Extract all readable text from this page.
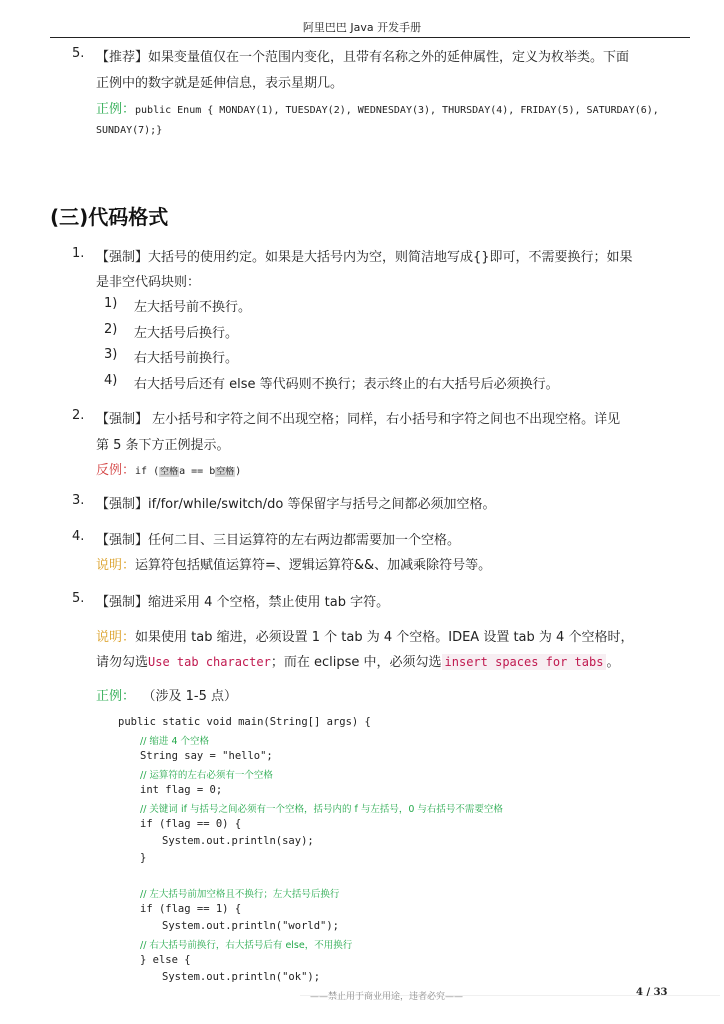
阿里巴巴 Java 开发手册
5. 【推荐】如果变量值仅在一个范围内变化，且带有名称之外的延伸属性，定义为枚举类。下面
正例中的数字就是延伸信息，表示星期几。
正例：public Enum { MONDAY(1), TUESDAY(2), WEDNESDAY(3), THURSDAY(4), FRIDAY(5), SATURDAY(6),
SUNDAY(7);}
(三)代码格式
1. 【强制】大括号的使用约定。如果是大括号内为空，则简洁地写成{}即可，不需要换行；如果
是非空代码块则：
1) 左大括号前不换行。
2) 左大括号后换行。
3) 右大括号前换行。
4) 右大括号后还有 else 等代码则不换行；表示终止的右大括号后必须换行。
2. 【强制】 左小括号和字符之间不出现空格；同样，右小括号和字符之间也不出现空格。详见
第 5 条下方正例提示。
反例：if (空格a == b空格)
3. 【强制】if/for/while/switch/do 等保留字与括号之间都必须加空格。
4. 【强制】任何二目、三目运算符的左右两边都需要加一个空格。
说明：运算符包括赋值运算符=、逻辑运算符&&、加减乘除符号等。
5. 【强制】缩进采用 4 个空格，禁止使用 tab 字符。
说明：如果使用 tab 缩进，必须设置 1 个 tab 为 4 个空格。IDEA 设置 tab 为 4 个空格时，
请勿勾选Use tab character；而在 eclipse 中，必须勾选 insert spaces for tabs 。
正例： （涉及 1-5 点）
public static void main(String[] args) {
// 缩进 4 个空格
String say = "hello";
// 运算符的左右必须有一个空格
int flag = 0;
// 关键词 if 与括号之间必须有一个空格，括号内的 f 与左括号，0 与右括号不需要空格
if (flag == 0) {
System.out.println(say);
}
// 左大括号前加空格且不换行；左大括号后换行
if (flag == 1) {
System.out.println("world");
// 右大括号前换行，右大括号后有 else，不用换行
} else {
System.out.println("ok");
——禁止用于商业用途，违者必究——	4 / 33
